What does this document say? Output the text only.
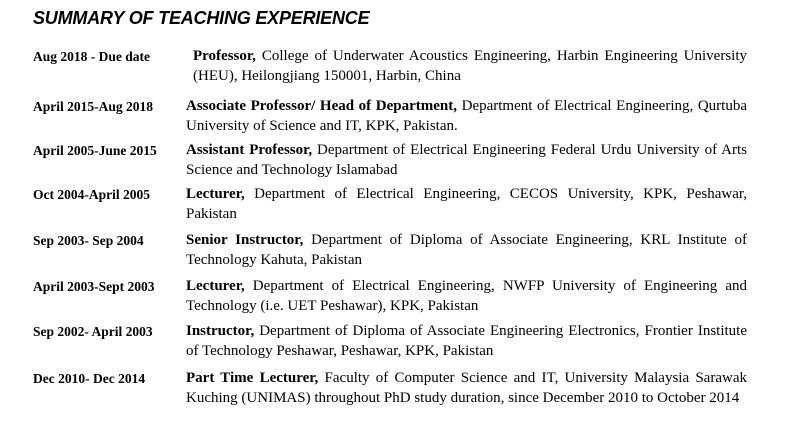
SUMMARY OF TEACHING EXPERIENCE
Aug 2018 - Due date	Professor, College of Underwater Acoustics Engineering, Harbin Engineering University (HEU), Heilongjiang 150001, Harbin, China
April 2015-Aug 2018 Associate Professor/ Head of Department, Department of Electrical Engineering, Qurtuba University of Science and IT, KPK, Pakistan.
April 2005-June 2015 Assistant Professor, Department of Electrical Engineering Federal Urdu University of Arts Science and Technology Islamabad
Oct 2004-April 2005 Lecturer, Department of Electrical Engineering, CECOS University, KPK, Peshawar, Pakistan
Sep 2003- Sep 2004	Senior Instructor, Department of Diploma of Associate Engineering, KRL Institute of Technology Kahuta, Pakistan
April 2003-Sept 2003 Lecturer, Department of Electrical Engineering, NWFP University of Engineering and Technology (i.e. UET Peshawar), KPK, Pakistan
Sep 2002- April 2003 Instructor, Department of Diploma of Associate Engineering Electronics, Frontier Institute of Technology Peshawar, Peshawar, KPK, Pakistan
Dec 2010- Dec 2014	Part Time Lecturer, Faculty of Computer Science and IT, University Malaysia Sarawak Kuching (UNIMAS) throughout PhD study duration, since December 2010 to October 2014
